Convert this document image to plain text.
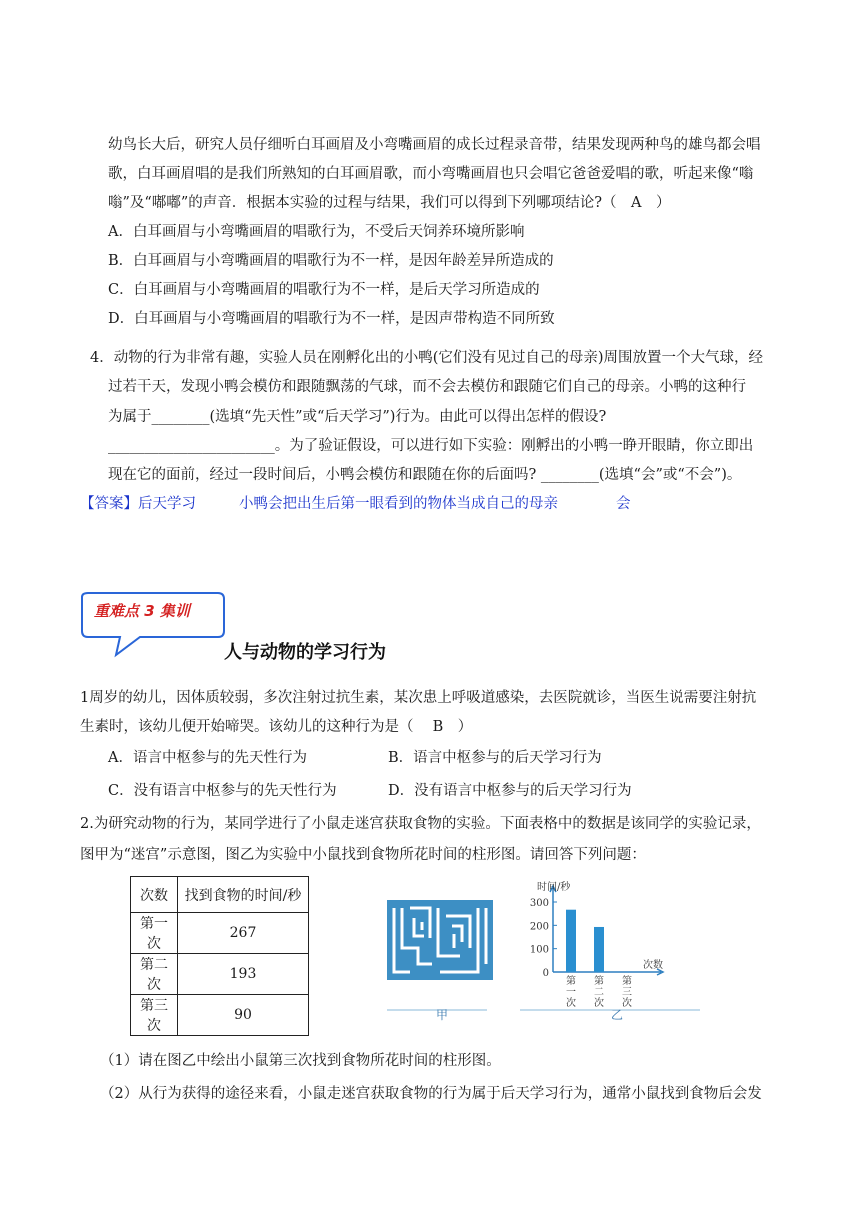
幼鸟长大后，研究人员仔细听白耳画眉及小弯嘴画眉的成长过程录音带，结果发现两种鸟的雄鸟都会唱
歌，白耳画眉唱的是我们所熟知的白耳画眉歌，而小弯嘴画眉也只会唱它爸爸爱唱的歌，听起来像“嗡
嗡”及“嘟嘟”的声音．根据本实验的过程与结果，我们可以得到下列哪项结论?（　A　）
A．白耳画眉与小弯嘴画眉的唱歌行为，不受后天饲养环境所影响
B．白耳画眉与小弯嘴画眉的唱歌行为不一样，是因年龄差异所造成的
C．白耳画眉与小弯嘴画眉的唱歌行为不一样，是后天学习所造成的
D．白耳画眉与小弯嘴画眉的唱歌行为不一样，是因声带构造不同所致
4．动物的行为非常有趣，实验人员在刚孵化出的小鸭(它们没有见过自己的母亲)周围放置一个大气球，经
过若干天，发现小鸭会模仿和跟随飘荡的气球，而不会去模仿和跟随它们自己的母亲。小鸭的这种行
为属于________(选填“先天性”或“后天学习”)行为。由此可以得出怎样的假设?
_______________________。为了验证假设，可以进行如下实验：刚孵出的小鸭一睁开眼睛，你立即出
现在它的面前，经过一段时间后，小鸭会模仿和跟随在你的后面吗? ________(选填“会”或“不会”)。
【答案】 后天学习	小鸭会把出生后第一眼看到的物体当成自己的母亲	会
重难点 3 集训
人与动物的学习行为
1周岁的幼儿，因体质较弱，多次注射过抗生素，某次患上呼吸道感染，去医院就诊，当医生说需要注射抗
生素时，该幼儿便开始啼哭。该幼儿的这种行为是（　 B　）
A．语言中枢参与的先天性行为	B．语言中枢参与的后天学习行为
C．没有语言中枢参与的先天性行为	D．没有语言中枢参与的后天学习行为
2.为研究动物的行为，某同学进行了小鼠走迷宫获取食物的实验。下面表格中的数据是该同学的实验记录，
图甲为“迷宫”示意图，图乙为实验中小鼠找到食物所花时间的柱形图。请回答下列问题：
次数	找到食物的时间/秒
第一次	267
第二次	193
第三次	90	甲	乙
时间/秒
次数
300
200
100
0
第
一
次
第
二
次
第
三
次
（1）请在图乙中绘出小鼠第三次找到食物所花时间的柱形图。
（2）从行为获得的途径来看，小鼠走迷宫获取食物的行为属于后天学习行为，通常小鼠找到食物后会发
